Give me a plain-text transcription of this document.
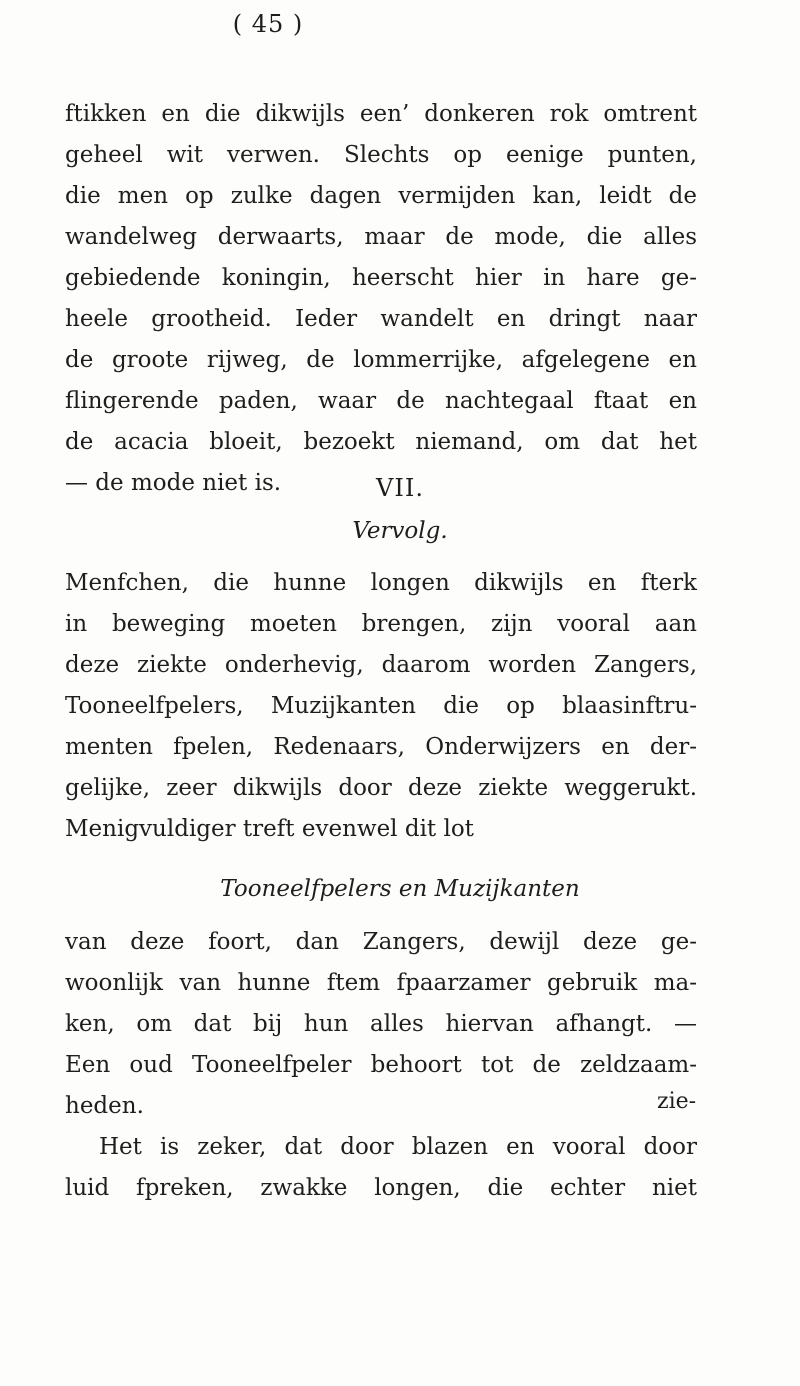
( 45 )
ftikken en die dikwijls een’ donkeren rok omtrent
geheel wit verwen. Slechts op eenige punten,
die men op zulke dagen vermijden kan, leidt de
wandelweg derwaarts, maar de mode, die alles
gebiedende koningin, heerscht hier in hare ge-
heele grootheid. Ieder wandelt en dringt naar
de groote rijweg, de lommerrijke, afgelegene en
flingerende paden, waar de nachtegaal ftaat en
de acacia bloeit, bezoekt niemand, om dat het
— de mode niet is.	VII.
Vervolg.
Menfchen, die hunne longen dikwijls en fterk
in beweging moeten brengen, zijn vooral aan
deze ziekte onderhevig, daarom worden Zangers,
Tooneelfpelers, Muzijkanten die op blaasinftru-
menten fpelen, Redenaars, Onderwijzers en der-
gelijke, zeer dikwijls door deze ziekte weggerukt.
Menigvuldiger treft evenwel dit lot
Tooneelfpelers en Muzijkanten
van deze foort, dan Zangers, dewijl deze ge-
woonlijk van hunne ftem fpaarzamer gebruik ma-
ken, om dat bij hun alles hiervan afhangt. —
Een oud Tooneelfpeler behoort tot de zeldzaam-
heden.
Het is zeker, dat door blazen en vooral door
luid fpreken, zwakke longen, die echter niet
zie-
